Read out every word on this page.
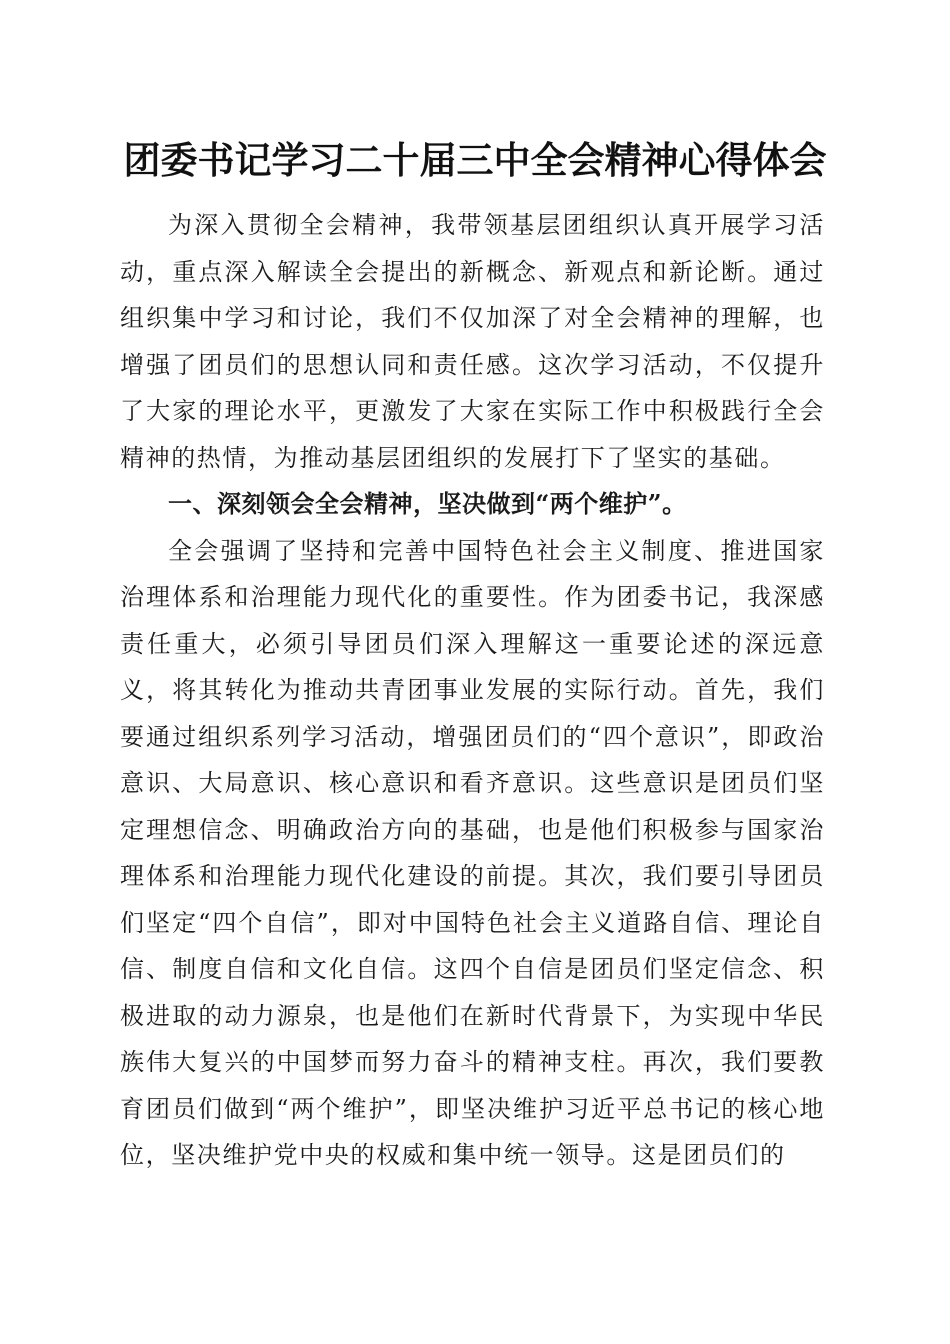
团委书记学习二十届三中全会精神心得体会

为深入贯彻全会精神，我带领基层团组织认真开展学习活动，重点深入解读全会提出的新概念、新观点和新论断。通过组织集中学习和讨论，我们不仅加深了对全会精神的理解，也增强了团员们的思想认同和责任感。这次学习活动，不仅提升了大家的理论水平，更激发了大家在实际工作中积极践行全会精神的热情，为推动基层团组织的发展打下了坚实的基础。

一、深刻领会全会精神，坚决做到“两个维护”。

全会强调了坚持和完善中国特色社会主义制度、推进国家治理体系和治理能力现代化的重要性。作为团委书记，我深感责任重大，必须引导团员们深入理解这一重要论述的深远意义，将其转化为推动共青团事业发展的实际行动。首先，我们要通过组织系列学习活动，增强团员们的“四个意识”，即政治意识、大局意识、核心意识和看齐意识。这些意识是团员们坚定理想信念、明确政治方向的基础，也是他们积极参与国家治理体系和治理能力现代化建设的前提。其次，我们要引导团员们坚定“四个自信”，即对中国特色社会主义道路自信、理论自信、制度自信和文化自信。这四个自信是团员们坚定信念、积极进取的动力源泉，也是他们在新时代背景下，为实现中华民族伟大复兴的中国梦而努力奋斗的精神支柱。再次，我们要教育团员们做到“两个维护”，即坚决维护习近平总书记的核心地位，坚决维护党中央的权威和集中统一领导。这是团员们的
